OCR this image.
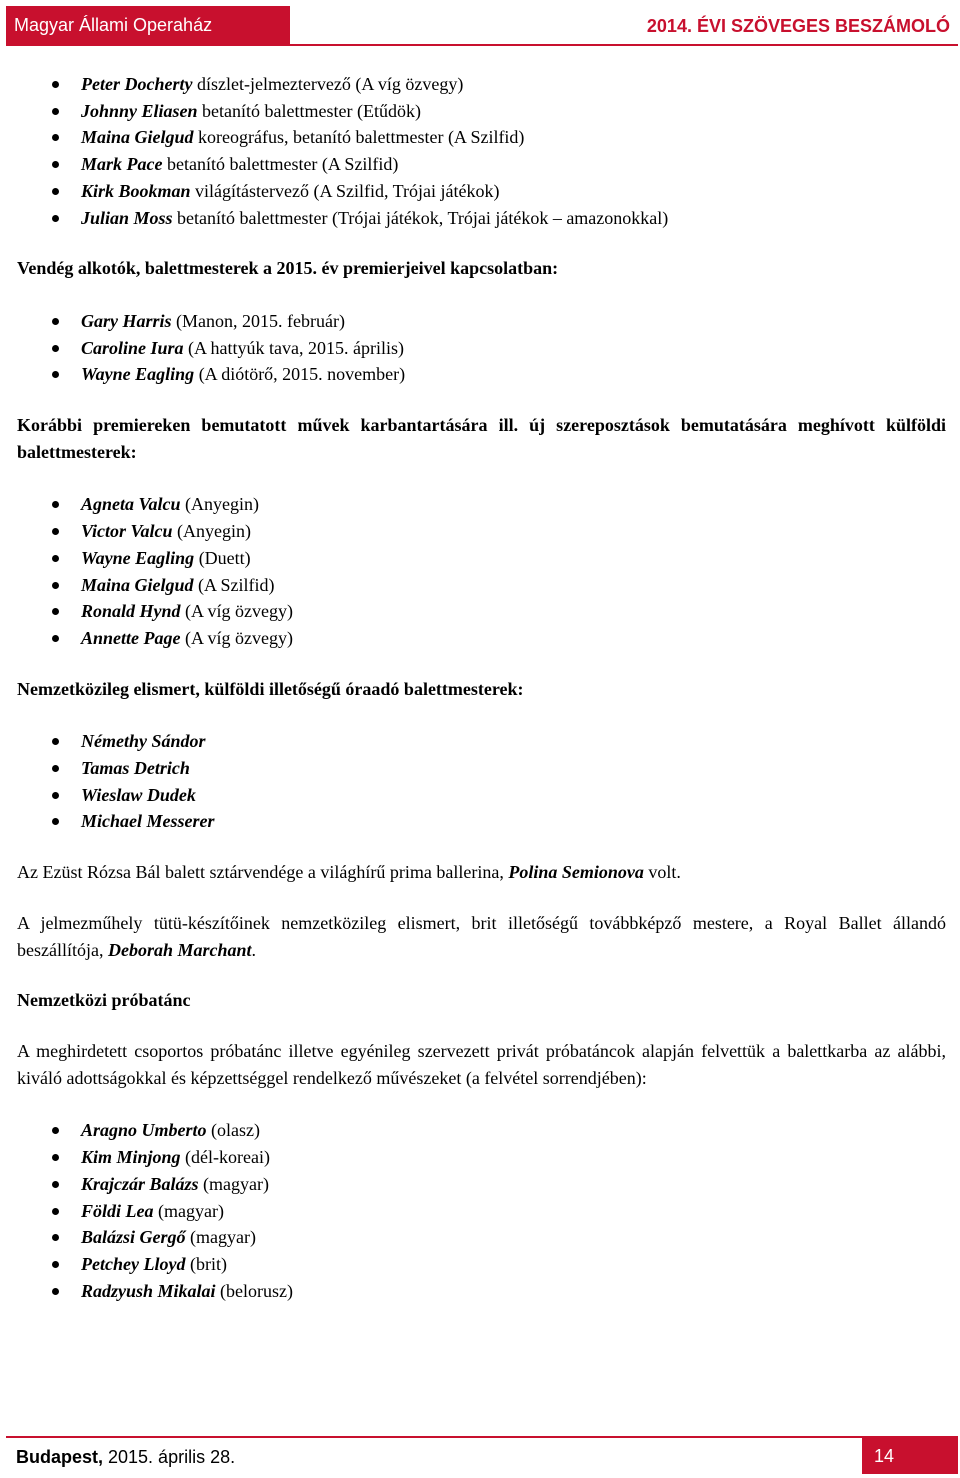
Magyar Állami Operaház	2014. ÉVI SZÖVEGES BESZÁMOLÓ
Peter Docherty díszlet-jelmeztervező (A víg özvegy)
Johnny Eliasen betanító balettmester (Etűdök)
Maina Gielgud koreográfus, betanító balettmester (A Szilfid)
Mark Pace betanító balettmester (A Szilfid)
Kirk Bookman világítástervező (A Szilfid, Trójai játékok)
Julian Moss betanító balettmester (Trójai játékok, Trójai játékok – amazonokkal)
Vendég alkotók, balettmesterek a 2015. év premierjeivel kapcsolatban:
Gary Harris (Manon, 2015. február)
Caroline Iura (A hattyúk tava, 2015. április)
Wayne Eagling (A diótörő, 2015. november)
Korábbi premiereken bemutatott művek karbantartására ill. új szereposztások bemutatására meghívott külföldi balettmesterek:
Agneta Valcu (Anyegin)
Victor Valcu (Anyegin)
Wayne Eagling (Duett)
Maina Gielgud (A Szilfid)
Ronald Hynd (A víg özvegy)
Annette Page (A víg özvegy)
Nemzetközileg elismert, külföldi illetőségű óraadó balettmesterek:
Némethy Sándor
Tamas Detrich
Wieslaw Dudek
Michael Messerer
Az Ezüst Rózsa Bál balett sztárvendége a világhírű prima ballerina, Polina Semionova volt.
A jelmezműhely tütü-készítőinek nemzetközileg elismert, brit illetőségű továbbképző mestere, a Royal Ballet állandó beszállítója, Deborah Marchant.
Nemzetközi próbatánc
A meghirdetett csoportos próbatánc illetve egyénileg szervezett privát próbatáncok alapján felvettük a balettkarba az alábbi, kiváló adottságokkal és képzettséggel rendelkező művészeket (a felvétel sorrendjében):
Aragno Umberto (olasz)
Kim Minjong (dél-koreai)
Krajczár Balázs (magyar)
Földi Lea (magyar)
Balázsi Gergő (magyar)
Petchey Lloyd (brit)
Radzyush Mikalai (belorusz)
Budapest, 2015. április 28.	14
